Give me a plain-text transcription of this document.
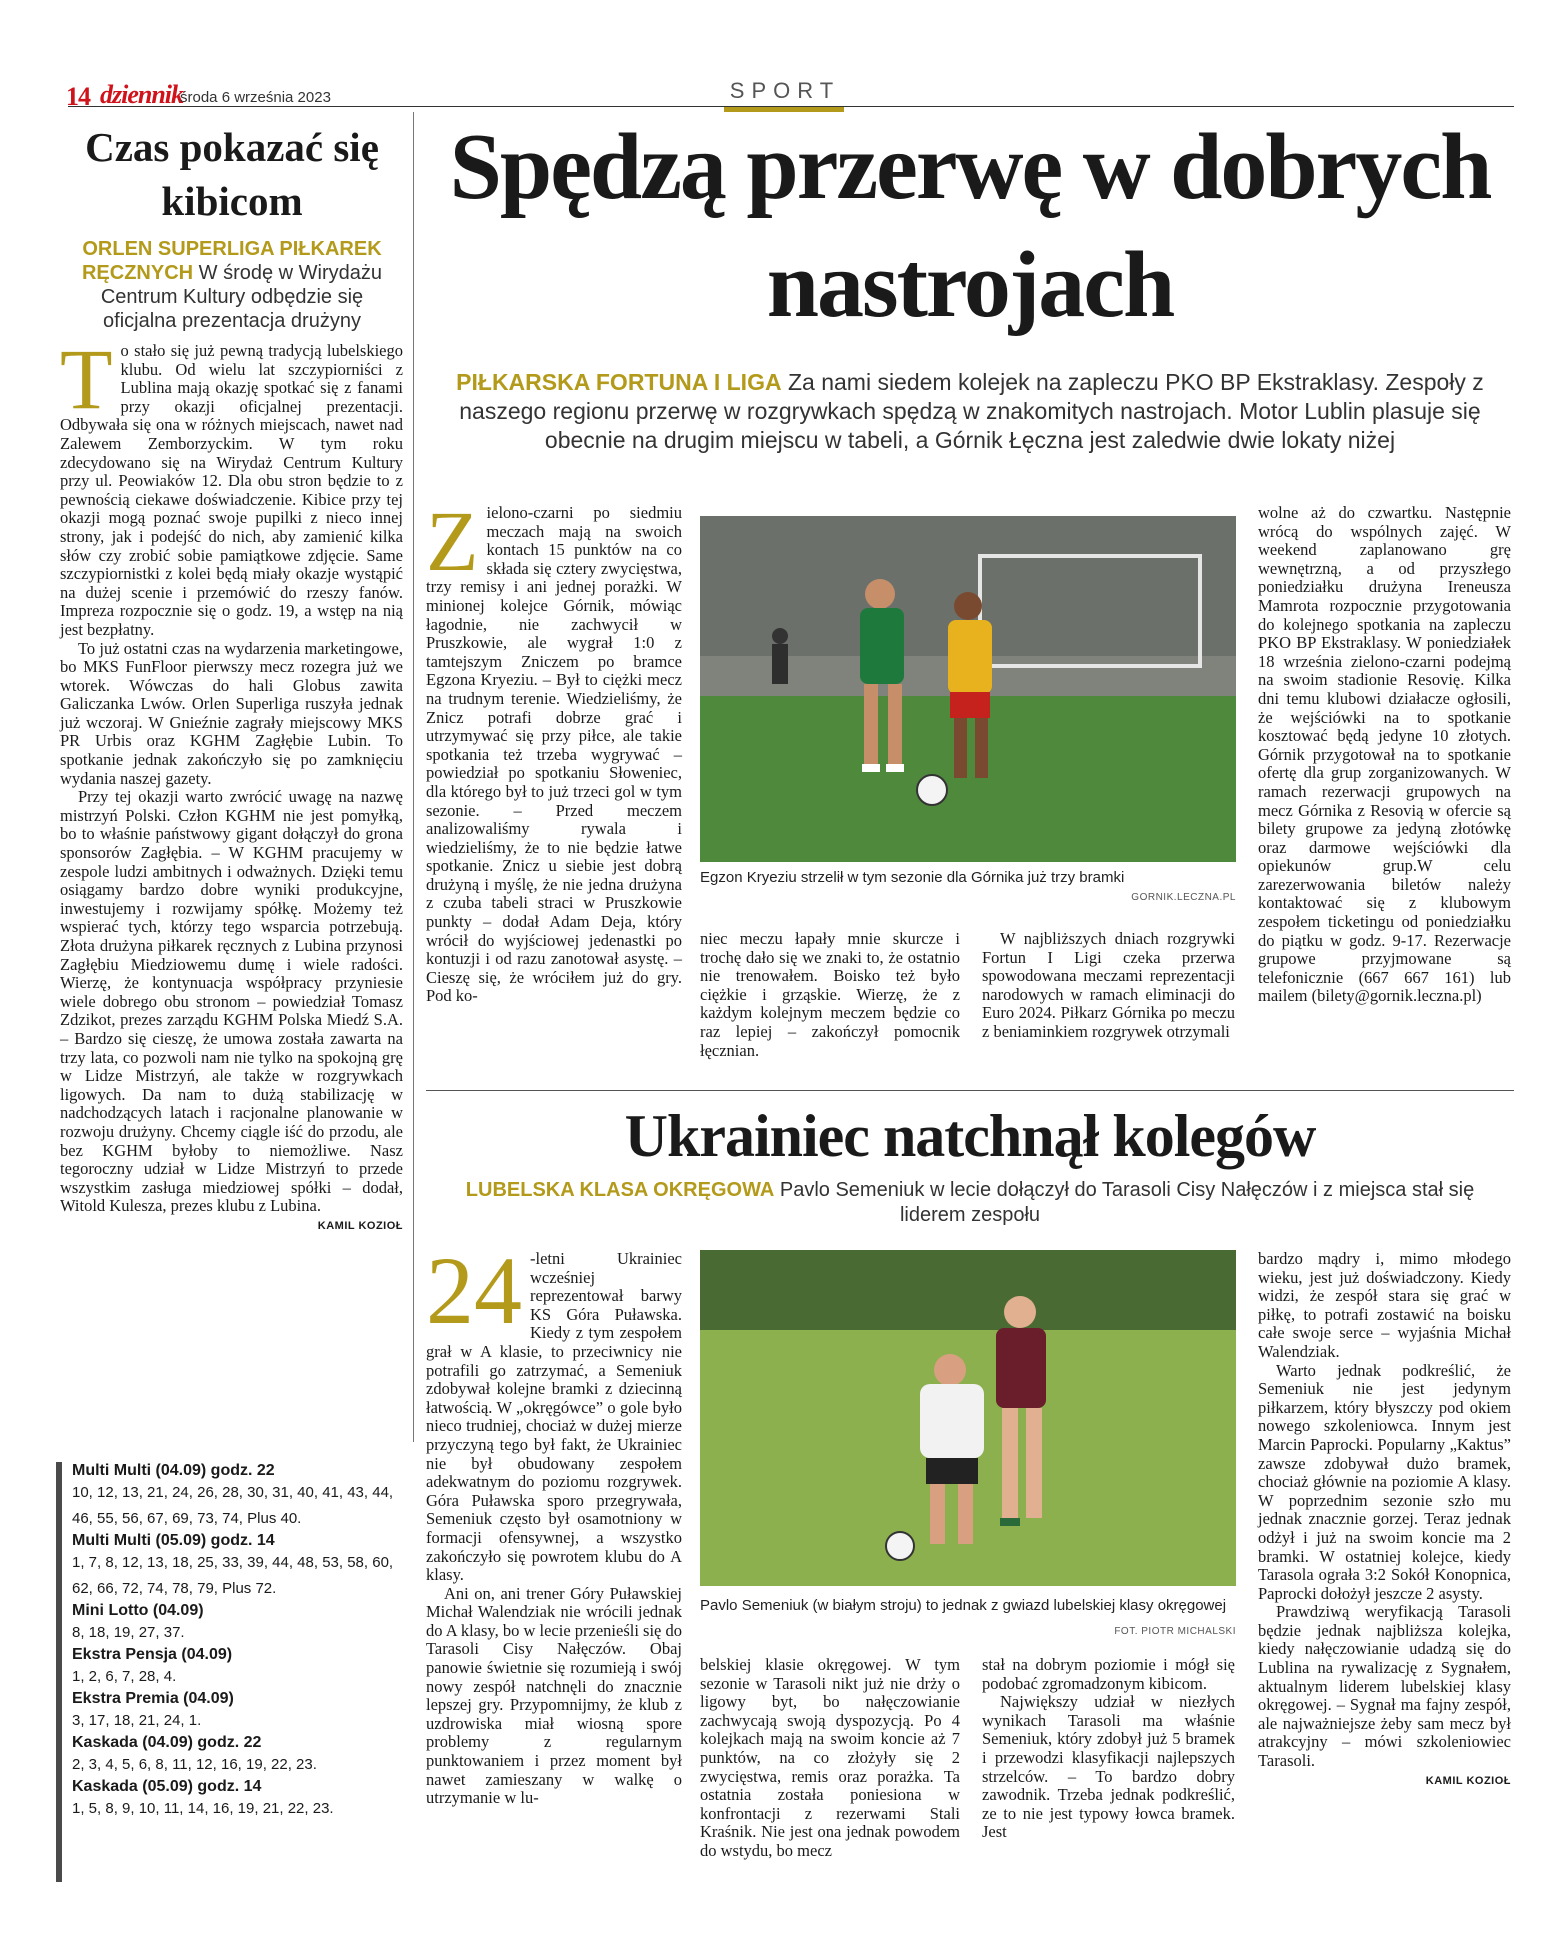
14 dziennik
środa 6 września 2023	SPORT
Czas pokazać się kibicom
ORLEN SUPERLIGA PIŁKAREK RĘCZNYCH W środę w Wirydażu Centrum Kultury odbędzie się oficjalna prezentacja drużyny

To stało się już pewną tradycją lubelskiego klubu. Od wielu lat szczypiorniści z Lublina mają okazję spotkać się z fanami przy okazji oficjalnej prezentacji. Odbywała się ona w różnych miejscach, nawet nad Zalewem Zemborzyckim. W tym roku zdecydowano się na Wirydaż Centrum Kultury przy ul. Peowiaków 12. Dla obu stron będzie to z pewnością ciekawe doświadczenie. Kibice przy tej okazji mogą poznać swoje pupilki z nieco innej strony, jak i podejść do nich, aby zamienić kilka słów czy zrobić sobie pamiątkowe zdjęcie. Same szczypiornistki z kolei będą miały okazje wystąpić na dużej scenie i przemówić do rzeszy fanów. Impreza rozpocznie się o godz. 19, a wstęp na nią jest bezpłatny.

To już ostatni czas na wydarzenia marketingowe, bo MKS FunFloor pierwszy mecz rozegra już we wtorek. Wówczas do hali Globus zawita Galiczanka Lwów. Orlen Superliga ruszyła jednak już wczoraj. W Gnieźnie zagrały miejscowy MKS PR Urbis oraz KGHM Zagłębie Lubin. To spotkanie jednak zakończyło się po zamknięciu wydania naszej gazety.

Przy tej okazji warto zwrócić uwagę na nazwę mistrzyń Polski. Człon KGHM nie jest pomyłką, bo to właśnie państwowy gigant dołączył do grona sponsorów Zagłębia. – W KGHM pracujemy w zespole ludzi ambitnych i odważnych. Dzięki temu osiągamy bardzo dobre wyniki produkcyjne, inwestujemy i rozwijamy spółkę. Możemy też wspierać tych, którzy tego wsparcia potrzebują. Złota drużyna piłkarek ręcznych z Lubina przynosi Zagłębiu Miedziowemu dumę i wiele radości. Wierzę, że kontynuacja współpracy przyniesie wiele dobrego obu stronom – powiedział Tomasz Zdzikot, prezes zarządu KGHM Polska Miedź S.A. – Bardzo się cieszę, że umowa została zawarta na trzy lata, co pozwoli nam nie tylko na spokojną grę w Lidze Mistrzyń, ale także w rozgrywkach ligowych. Da nam to dużą stabilizację w nadchodzących latach i racjonalne planowanie w rozwoju drużyny. Chcemy ciągle iść do przodu, ale bez KGHM byłoby to niemożliwe. Nasz tegoroczny udział w Lidze Mistrzyń to przede wszystkim zasługa miedziowej spółki – dodał, Witold Kulesza, prezes klubu z Lubina.

KAMIL KOZIOŁ
Multi Multi (04.09) godz. 22
10, 12, 13, 21, 24, 26, 28, 30, 31, 40, 41, 43, 44, 46, 55, 56, 67, 69, 73, 74, Plus 40.
Multi Multi (05.09) godz. 14
1, 7, 8, 12, 13, 18, 25, 33, 39, 44, 48, 53, 58, 60, 62, 66, 72, 74, 78, 79, Plus 72.
Mini Lotto (04.09)
8, 18, 19, 27, 37.
Ekstra Pensja (04.09)
1, 2, 6, 7, 28, 4.
Ekstra Premia (04.09)
3, 17, 18, 21, 24, 1.
Kaskada (04.09) godz. 22
2, 3, 4, 5, 6, 8, 11, 12, 16, 19, 22, 23.
Kaskada (05.09) godz. 14
1, 5, 8, 9, 10, 11, 14, 16, 19, 21, 22, 23.
Spędzą przerwę w dobrych nastrojach
PIŁKARSKA FORTUNA I LIGA Za nami siedem kolejek na zapleczu PKO BP Ekstraklasy. Zespoły z naszego regionu przerwę w rozgrywkach spędzą w znakomitych nastrojach. Motor Lublin plasuje się obecnie na drugim miejscu w tabeli, a Górnik Łęczna jest zaledwie dwie lokaty niżej

Zielono-czarni po siedmiu meczach mają na swoich kontach 15 punktów na co składa się cztery zwycięstwa, trzy remisy i ani jednej porażki. W minionej kolejce Górnik, mówiąc łagodnie, nie zachwycił w Pruszkowie, ale wygrał 1:0 z tamtejszym Zniczem po bramce Egzona Kryeziu. – Był to ciężki mecz na trudnym terenie. Wiedzieliśmy, że Znicz potrafi dobrze grać i utrzymywać się przy piłce, ale takie spotkania też trzeba wygrywać – powiedział po spotkaniu Słoweniec, dla którego był to już trzeci gol w tym sezonie. – Przed meczem analizowaliśmy rywala i wiedzieliśmy, że to nie będzie łatwe spotkanie. Znicz u siebie jest dobrą drużyną i myślę, że nie jedna drużyna z czuba tabeli straci w Pruszkowie punkty – dodał Adam Deja, który wrócił do wyjściowej jedenastki po kontuzji i od razu zanotował asystę. – Cieszę się, że wróciłem już do gry. Pod ko-

Egzon Kryeziu strzelił w tym sezonie dla Górnika już trzy bramki
GORNIK.LECZNA.PL

niec meczu łapały mnie skurcze i trochę dało się we znaki to, że ostatnio nie trenowałem. Boisko też było ciężkie i grząskie. Wierzę, że z każdym kolejnym meczem będzie co raz lepiej – zakończył pomocnik łęcznian.

W najbliższych dniach rozgrywki Fortun I Ligi czeka przerwa spowodowana meczami reprezentacji narodowych w ramach eliminacji do Euro 2024. Piłkarz Górnika po meczu z beniaminkiem rozgrywek otrzymali

wolne aż do czwartku. Następnie wrócą do wspólnych zajęć. W weekend zaplanowano grę wewnętrzną, a od przyszłego poniedziałku drużyna Ireneusza Mamrota rozpocznie przygotowania do kolejnego spotkania na zapleczu PKO BP Ekstraklasy. W poniedziałek 18 września zielono-czarni podejmą na swoim stadionie Resovię. Kilka dni temu klubowi działacze ogłosili, że wejściówki na to spotkanie kosztować będą jedyne 10 złotych. Górnik przygotował na to spotkanie ofertę dla grup zorganizowanych. W ramach rezerwacji grupowych na mecz Górnika z Resovią w ofercie są bilety grupowe za jedyną złotówkę oraz darmowe wejściówki dla opiekunów grup.W celu zarezerwowania biletów należy kontaktować się z klubowym zespołem ticketingu od poniedziałku do piątku w godz. 9-17. Rezerwacje grupowe przyjmowane są telefonicznie (667 667 161) lub mailem (bilety@gornik.leczna.pl)

Ukrainiec natchnął kolegów
LUBELSKA KLASA OKRĘGOWA Pavlo Semeniuk w lecie dołączył do Tarasoli Cisy Nałęczów i z miejsca stał się liderem zespołu

24 -letni Ukrainiec wcześniej reprezentował barwy KS Góra Puławska. Kiedy z tym zespołem grał w A klasie, to przeciwnicy nie potrafili go zatrzymać, a Semeniuk zdobywał kolejne bramki z dziecinną łatwością. W „okręgówce” o gole było nieco trudniej, chociaż w dużej mierze przyczyną tego był fakt, że Ukrainiec nie był obudowany zespołem adekwatnym do poziomu rozgrywek. Góra Puławska sporo przegrywała, Semeniuk często był osamotniony w formacji ofensywnej, a wszystko zakończyło się powrotem klubu do A klasy.

Ani on, ani trener Góry Puławskiej Michał Walendziak nie wrócili jednak do A klasy, bo w lecie przenieśli się do Tarasoli Cisy Nałęczów. Obaj panowie świetnie się rozumieją i swój nowy zespół natchnęli do znacznie lepszej gry. Przypomnijmy, że klub z uzdrowiska miał wiosną spore problemy z regularnym punktowaniem i przez moment był nawet zamieszany w walkę o utrzymanie w lu-

Pavlo Semeniuk (w białym stroju) to jednak z gwiazd lubelskiej klasy okręgowej
FOT. PIOTR MICHALSKI

belskiej klasie okręgowej. W tym sezonie w Tarasoli nikt już nie drży o ligowy byt, bo nałęczowianie zachwycają swoją dyspozycją. Po 4 kolejkach mają na swoim koncie aż 7 punktów, na co złożyły się 2 zwycięstwa, remis oraz porażka. Ta ostatnia została poniesiona w konfrontacji z rezerwami Stali Kraśnik. Nie jest ona jednak powodem do wstydu, bo mecz

stał na dobrym poziomie i mógł się podobać zgromadzonym kibicom.

Największy udział w niezłych wynikach Tarasoli ma właśnie Semeniuk, który zdobył już 5 bramek i przewodzi klasyfikacji najlepszych strzelców. – To bardzo dobry zawodnik. Trzeba jednak podkreślić, ze to nie jest typowy łowca bramek. Jest

bardzo mądry i, mimo młodego wieku, jest już doświadczony. Kiedy widzi, że zespół stara się grać w piłkę, to potrafi zostawić na boisku całe swoje serce – wyjaśnia Michał Walendziak.

Warto jednak podkreślić, że Semeniuk nie jest jedynym piłkarzem, który błyszczy pod okiem nowego szkoleniowca. Innym jest Marcin Paprocki. Popularny „Kaktus” zawsze zdobywał dużo bramek, chociaż głównie na poziomie A klasy. W poprzednim sezonie szło mu jednak znacznie gorzej. Teraz jednak odżył i już na swoim koncie ma 2 bramki. W ostatniej kolejce, kiedy Tarasola ograła 3:2 Sokół Konopnica, Paprocki dołożył jeszcze 2 asysty.

Prawdziwą weryfikacją Tarasoli będzie jednak najbliższa kolejka, kiedy nałęczowianie udadzą się do Lublina na rywalizację z Sygnałem, aktualnym liderem lubelskiej klasy okręgowej. – Sygnał ma fajny zespół, ale najważniejsze żeby sam mecz był atrakcyjny – mówi szkoleniowiec Tarasoli.

KAMIL KOZIOŁ
